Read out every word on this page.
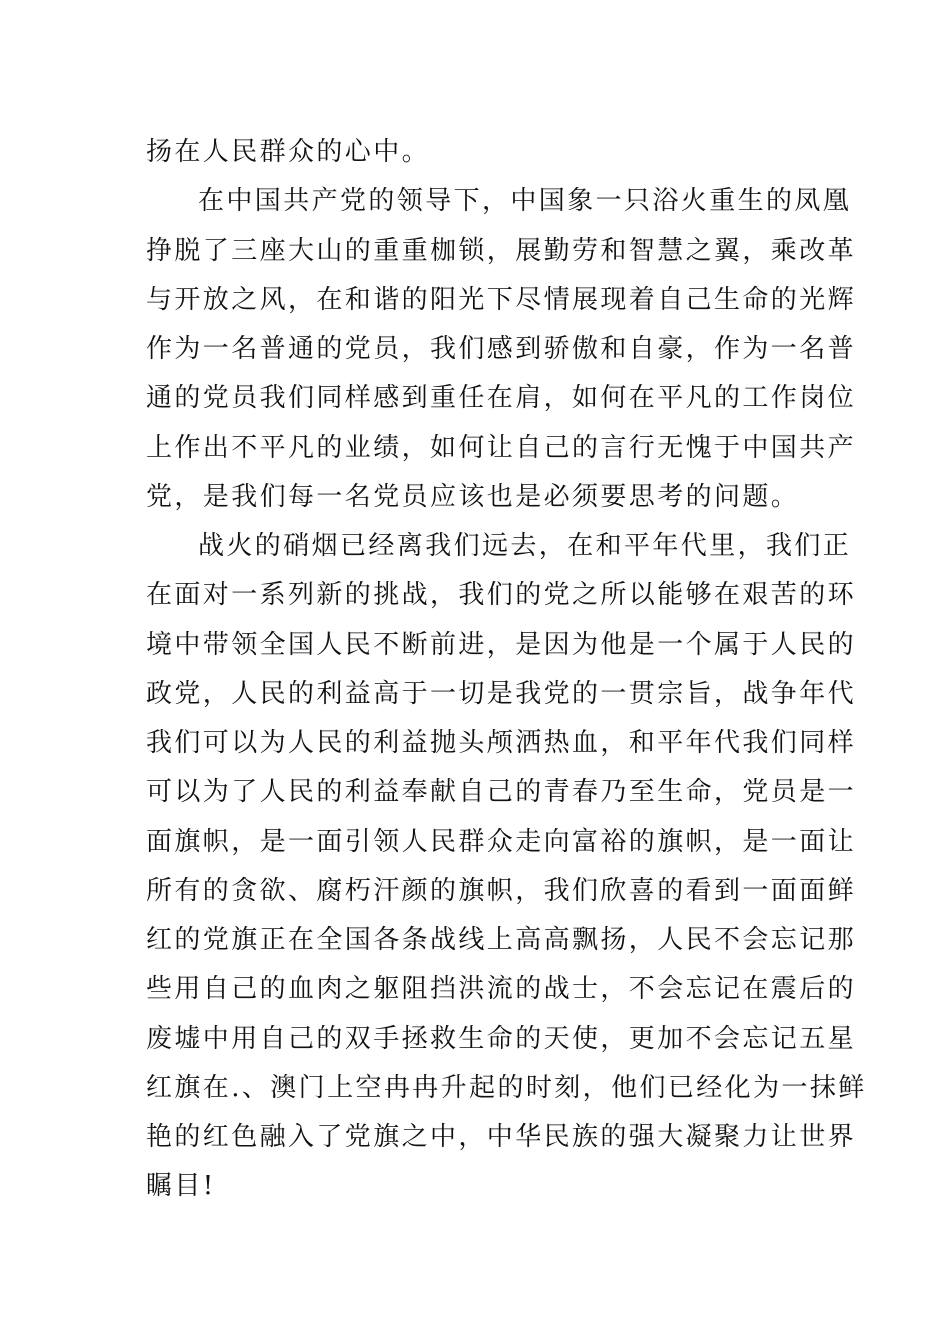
扬在人民群众的心中。
在中国共产党的领导下，中国象一只浴火重生的凤凰
挣脱了三座大山的重重枷锁，展勤劳和智慧之翼，乘改革
与开放之风，在和谐的阳光下尽情展现着自己生命的光辉
作为一名普通的党员，我们感到骄傲和自豪，作为一名普
通的党员我们同样感到重任在肩，如何在平凡的工作岗位
上作出不平凡的业绩，如何让自己的言行无愧于中国共产
党，是我们每一名党员应该也是必须要思考的问题。
战火的硝烟已经离我们远去，在和平年代里，我们正
在面对一系列新的挑战，我们的党之所以能够在艰苦的环
境中带领全国人民不断前进，是因为他是一个属于人民的
政党，人民的利益高于一切是我党的一贯宗旨，战争年代
我们可以为人民的利益抛头颅洒热血，和平年代我们同样
可以为了人民的利益奉献自己的青春乃至生命，党员是一
面旗帜，是一面引领人民群众走向富裕的旗帜，是一面让
所有的贪欲、腐朽汗颜的旗帜，我们欣喜的看到一面面鲜
红的党旗正在全国各条战线上高高飘扬，人民不会忘记那
些用自己的血肉之躯阻挡洪流的战士，不会忘记在震后的
废墟中用自己的双手拯救生命的天使，更加不会忘记五星
红旗在.、澳门上空冉冉升起的时刻，他们已经化为一抹鲜
艳的红色融入了党旗之中，中华民族的强大凝聚力让世界
瞩目!
